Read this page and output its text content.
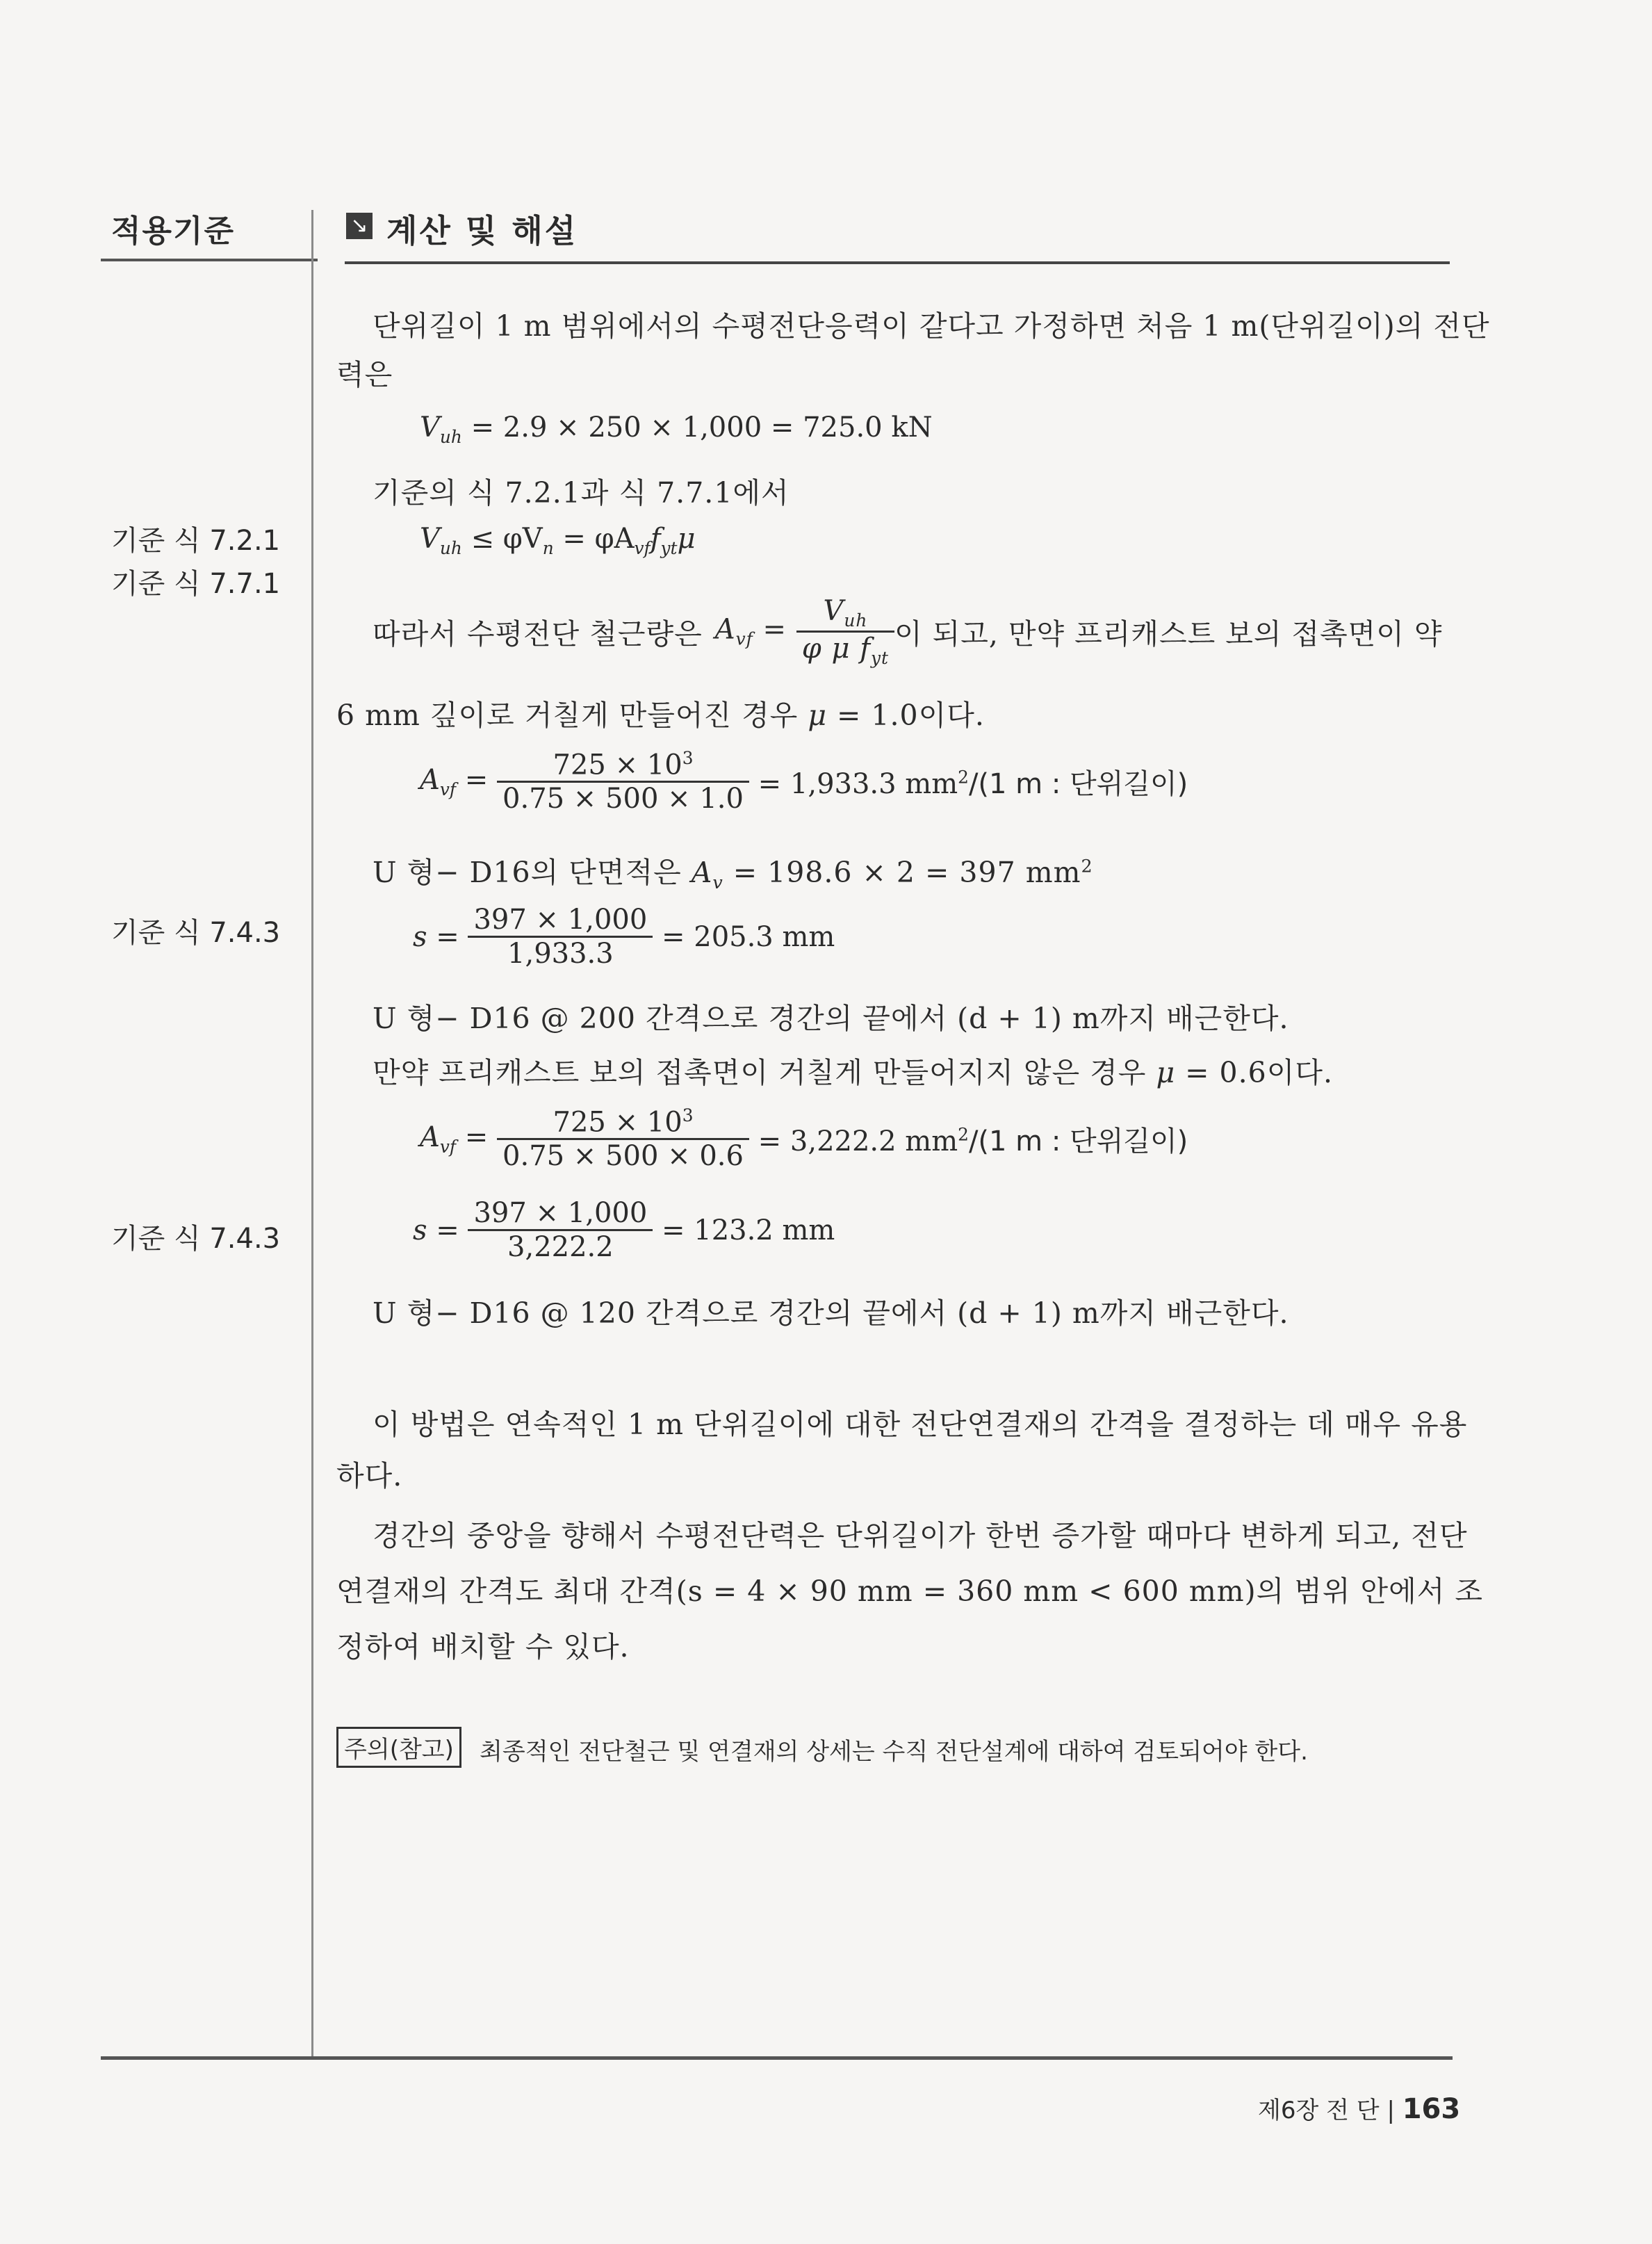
적용기준
기준 식 7.2.1
기준 식 7.7.1
기준 식 7.4.3
기준 식 7.4.3
↘ 계산 및 해설
단위길이 1 m 범위에서의 수평전단응력이 같다고 가정하면 처음 1 m(단위길이)의 전단
력은
$V_{uh} = 2.9 \times 250 \times 1,000 = 725.0$ kN
기준의 식 7.2.1과 식 7.7.1에서
$V_{uh} \le \varphi V_n = \varphi A_{vf}f_{yt}\mu$
따라서 수평전단 철근량은 $A_{vf} = \frac{V_{uh}}{\varphi \mu f_{yt}}$ 이 되고, 만약 프리캐스트 보의 접촉면이 약
6 mm 깊이로 거칠게 만들어진 경우 μ = 1.0이다.
$A_{vf} = \frac{725 \times 10^3}{0.75 \times 500 \times 1.0} = 1,933.3$ $mm^2/(1$ m : 단위길이)
U 형− D16의 단면적은 $A_v = 198.6 \times 2 = 397$ $mm^2$
$s = \frac{397 \times 1,000}{1,933.3} = 205.3$ mm
U 형− D16 @ 200 간격으로 경간의 끝에서 (d + 1) m까지 배근한다.
만약 프리캐스트 보의 접촉면이 거칠게 만들어지지 않은 경우 μ = 0.6이다.
$A_{vf} = \frac{725 \times 10^3}{0.75 \times 500 \times 0.6} = 3,222.2$ $mm^2/(1$ m : 단위길이)
$s = \frac{397 \times 1,000}{3,222.2} = 123.2$ mm
U 형− D16 @ 120 간격으로 경간의 끝에서 (d + 1) m까지 배근한다.
이 방법은 연속적인 1 m 단위길이에 대한 전단연결재의 간격을 결정하는 데 매우 유용
하다.
경간의 중앙을 향해서 수평전단력은 단위길이가 한번 증가할 때마다 변하게 되고, 전단
연결재의 간격도 최대 간격(s = 4 × 90 mm = 360 mm < 600 mm)의 범위 안에서 조
정하여 배치할 수 있다.
주의(참고)	최종적인 전단철근 및 연결재의 상세는 수직 전단설계에 대하여 검토되어야 한다.
제6장 전 단 | 163
